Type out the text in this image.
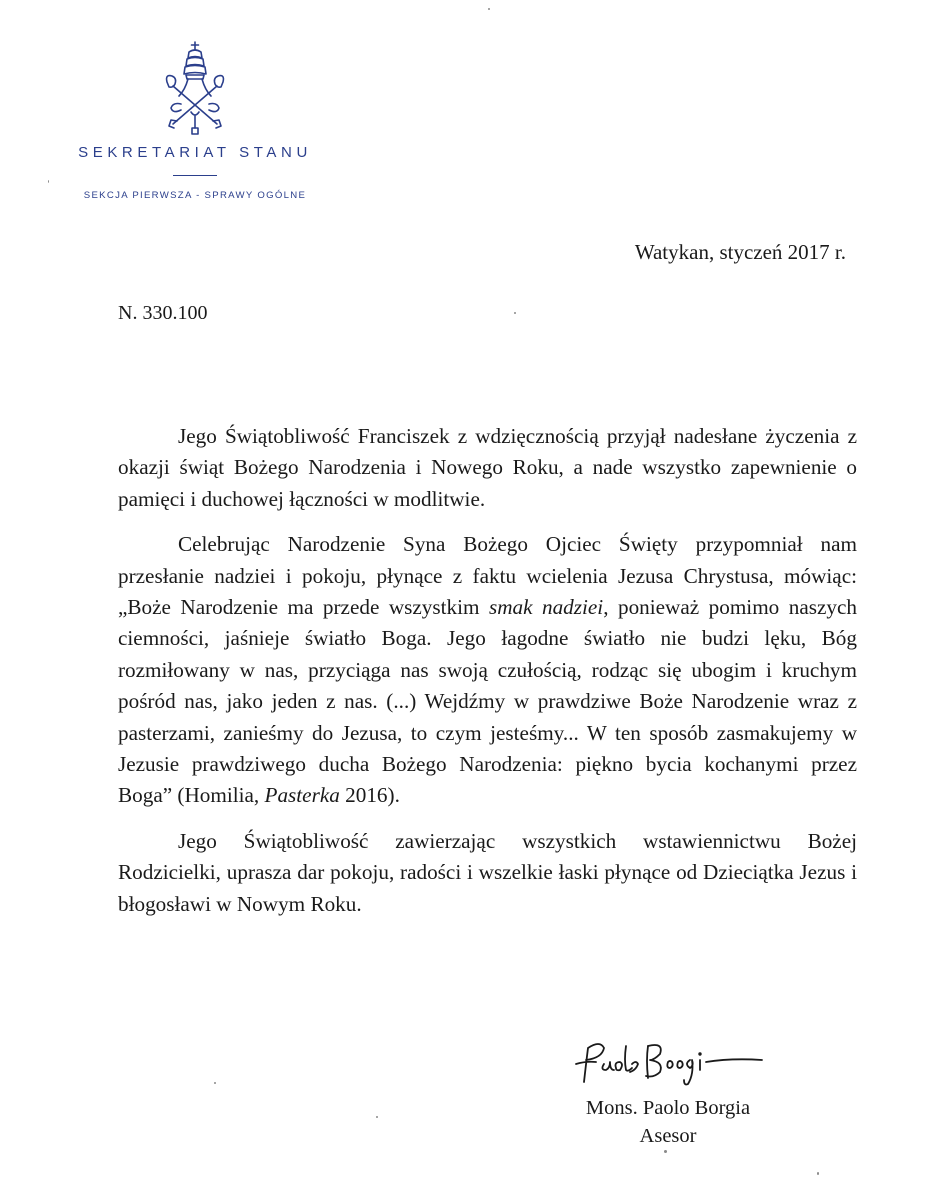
SEKRETARIAT STANU
SEKCJA PIERWSZA - SPRAWY OGÓLNE
Watykan, styczeń 2017 r.
N. 330.100

Jego Świątobliwość Franciszek z wdzięcznością przyjął nadesłane życzenia z okazji świąt Bożego Narodzenia i Nowego Roku, a nade wszystko zapewnienie o pamięci i duchowej łączności w modlitwie.

Celebrując Narodzenie Syna Bożego Ojciec Święty przypomniał nam przesłanie nadziei i pokoju, płynące z faktu wcielenia Jezusa Chrystusa, mówiąc: „Boże Narodzenie ma przede wszystkim smak nadziei, ponieważ pomimo naszych ciemności, jaśnieje światło Boga. Jego łagodne światło nie budzi lęku, Bóg rozmiłowany w nas, przyciąga nas swoją czułością, rodząc się ubogim i kruchym pośród nas, jako jeden z nas. (...) Wejdźmy w prawdziwe Boże Narodzenie wraz z pasterzami, zanieśmy do Jezusa, to czym jesteśmy... W ten sposób zasmakujemy w Jezusie prawdziwego ducha Bożego Narodzenia: piękno bycia kochanymi przez Boga” (Homilia, Pasterka 2016).

Jego Świątobliwość zawierzając wszystkich wstawiennictwu Bożej Rodzicielki, uprasza dar pokoju, radości i wszelkie łaski płynące od Dzieciątka Jezus i błogosławi w Nowym Roku.

Mons. Paolo Borgia
Asesor
